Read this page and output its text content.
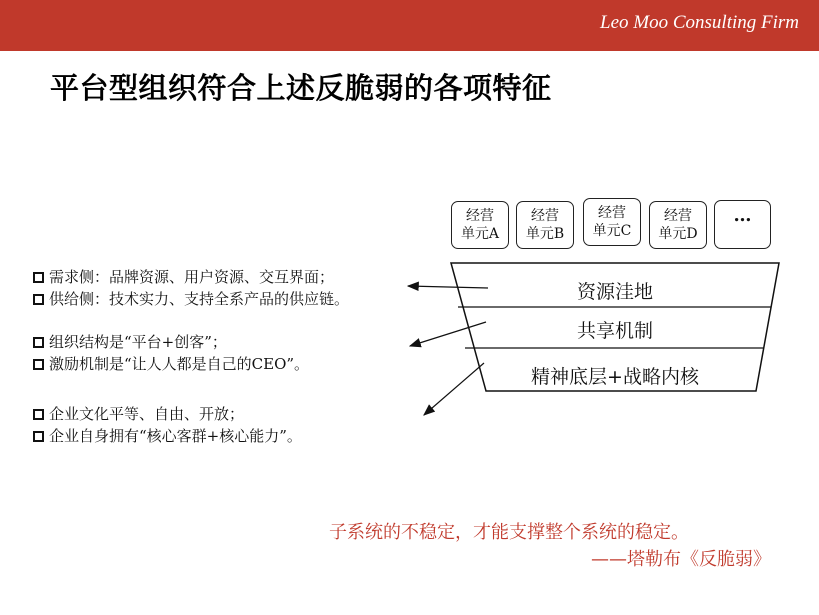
Leo Moo Consulting Firm
平台型组织符合上述反脆弱的各项特征
经营
单元A
经营
单元B
经营
单元C
经营
单元D
…
资源洼地
共享机制
精神底层+战略内核
需求侧：品牌资源、用户资源、交互界面；
供给侧：技术实力、支持全系产品的供应链。
组织结构是“平台+创客”；
激励机制是“让人人都是自己的CEO”。
企业文化平等、自由、开放；
企业自身拥有“核心客群+核心能力”。
子系统的不稳定，才能支撑整个系统的稳定。
——塔勒布《反脆弱》
